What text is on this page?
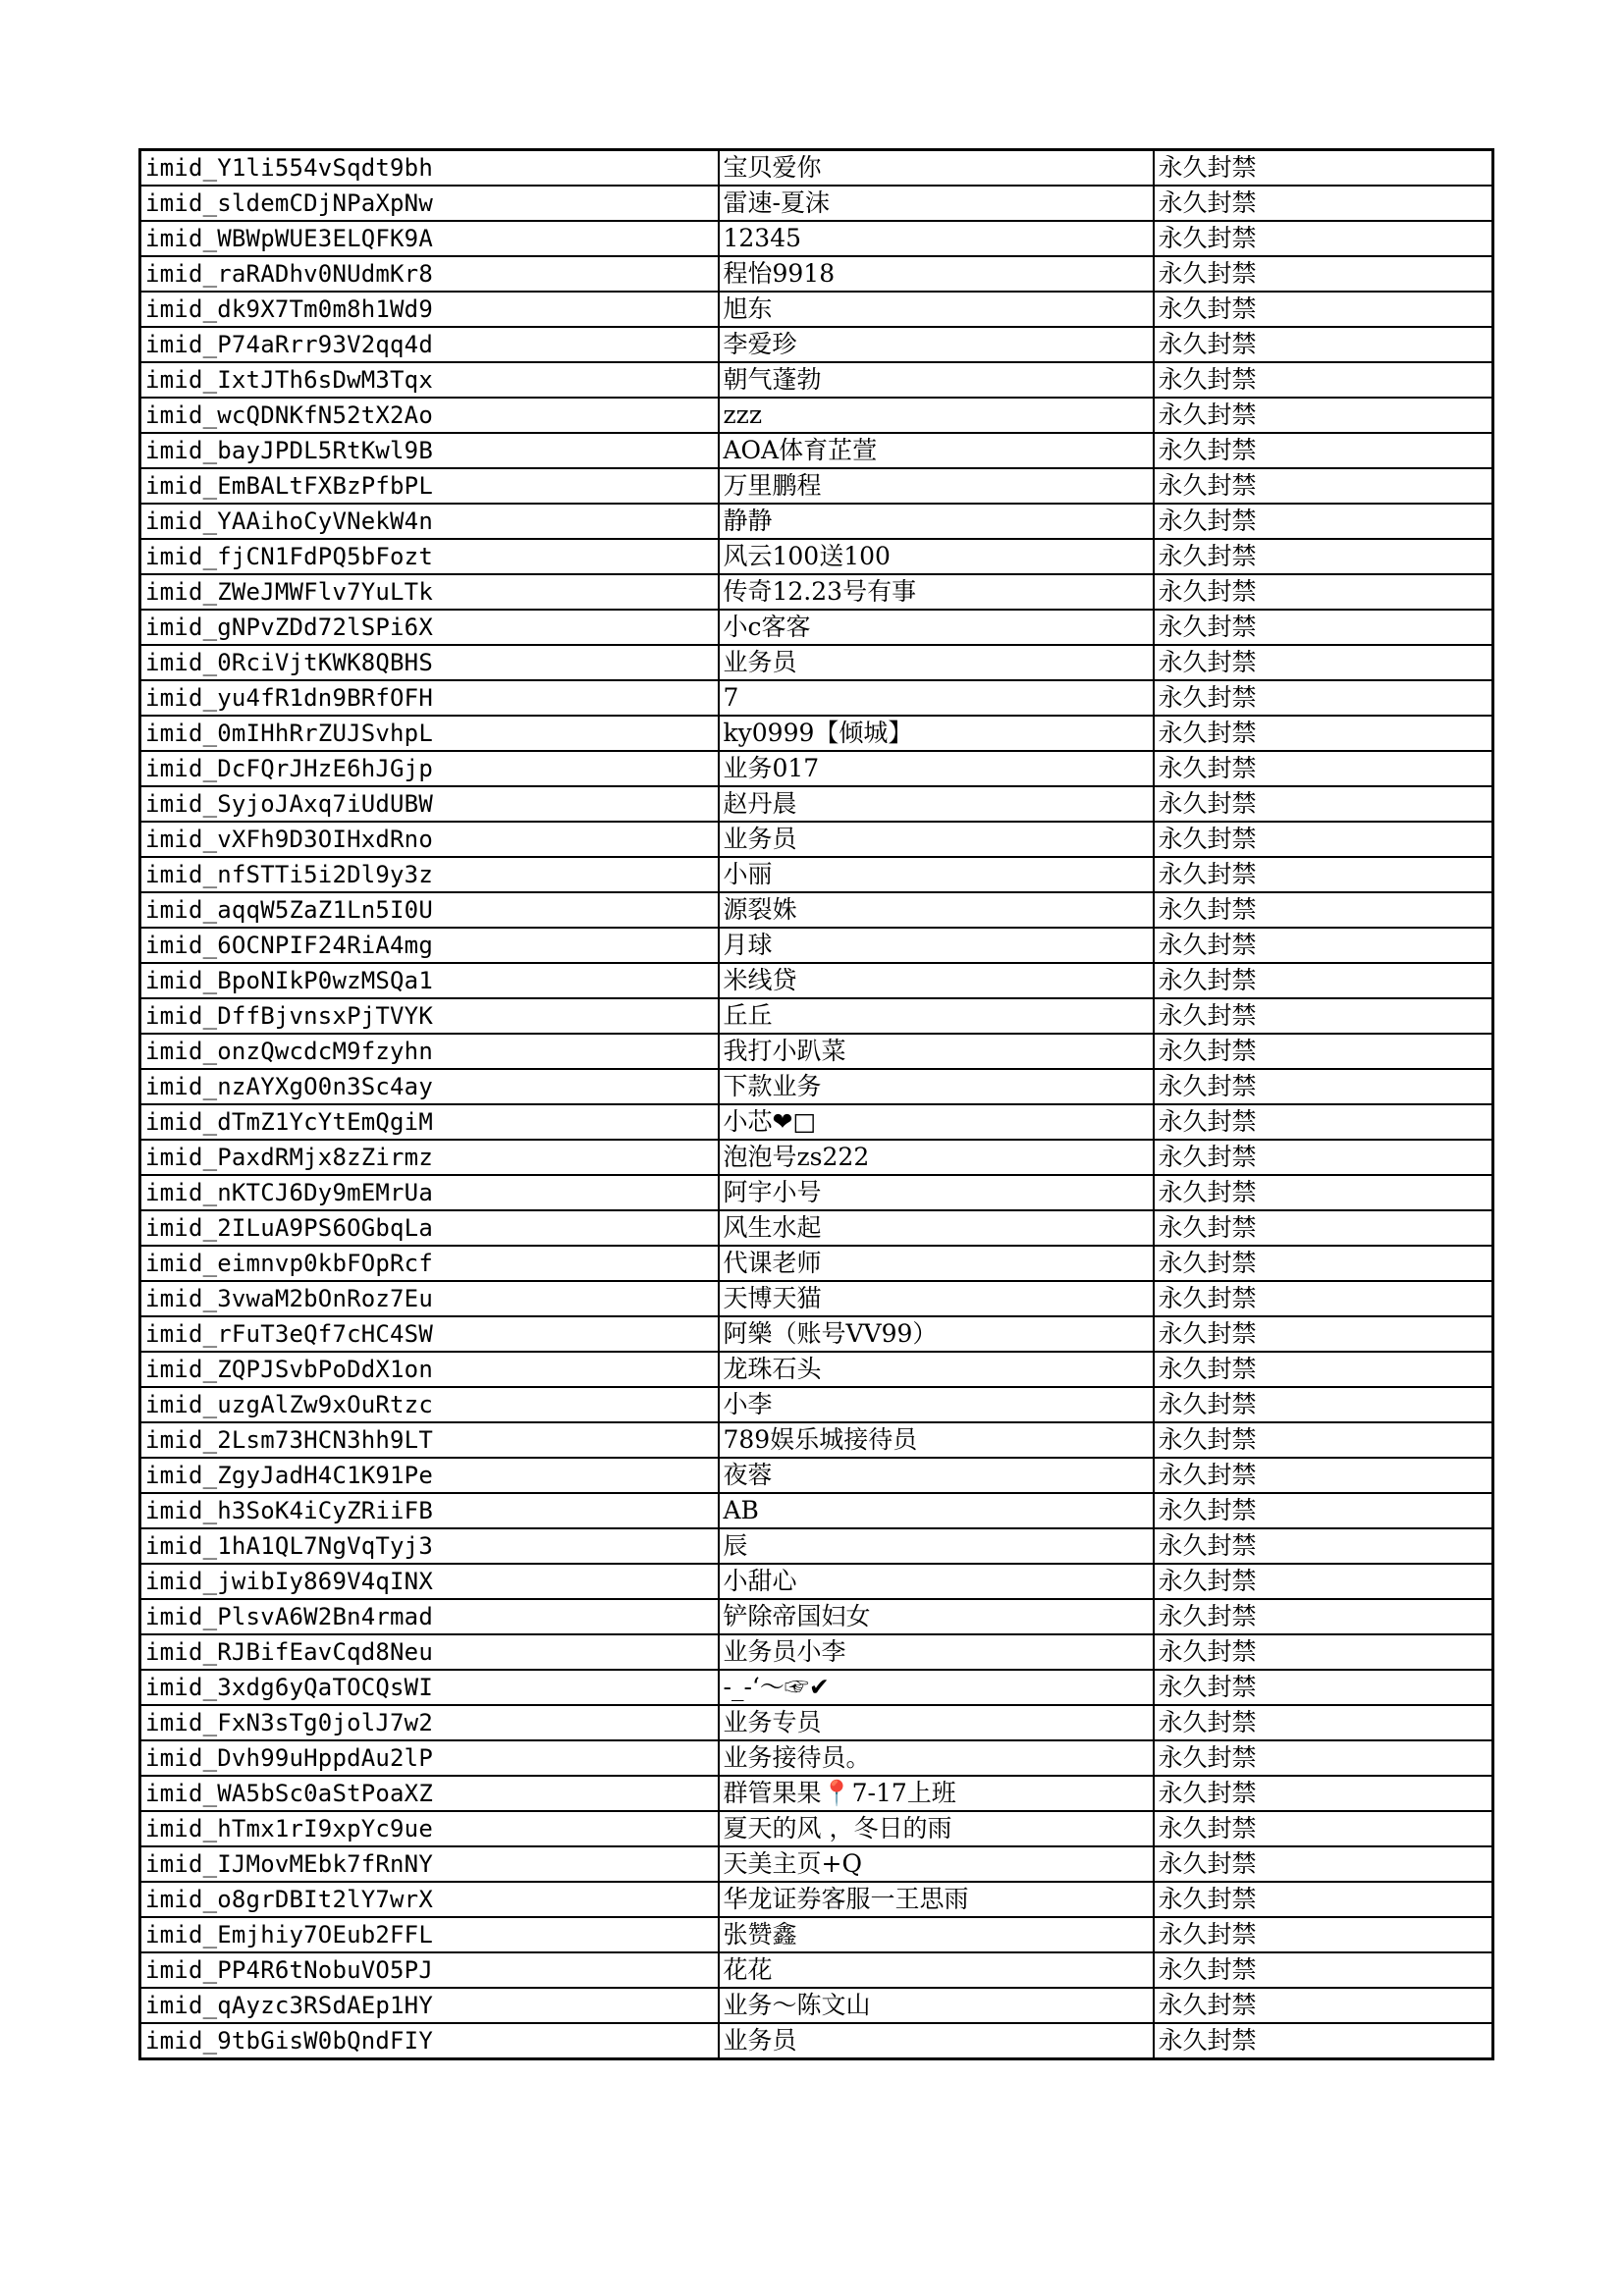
imid_Y1li554vSqdt9bh	宝贝爱你	永久封禁
imid_sldemCDjNPaXpNw	雷速-夏沫	永久封禁
imid_WBWpWUE3ELQFK9A	12345	永久封禁
imid_raRADhv0NUdmKr8	程怡9918	永久封禁
imid_dk9X7Tm0m8h1Wd9	旭东	永久封禁
imid_P74aRrr93V2qq4d	李爱珍	永久封禁
imid_IxtJTh6sDwM3Tqx	朝气蓬勃	永久封禁
imid_wcQDNKfN52tX2Ao	zzz	永久封禁
imid_bayJPDL5RtKwl9B	AOA体育芷萱	永久封禁
imid_EmBALtFXBzPfbPL	万里鹏程	永久封禁
imid_YAAihoCyVNekW4n	静静	永久封禁
imid_fjCN1FdPQ5bFozt	风云100送100	永久封禁
imid_ZWeJMWFlv7YuLTk	传奇12.23号有事	永久封禁
imid_gNPvZDd72lSPi6X	小c客客	永久封禁
imid_0RciVjtKWK8QBHS	业务员	永久封禁
imid_yu4fR1dn9BRfOFH	7	永久封禁
imid_0mIHhRrZUJSvhpL	ky0999【倾城】	永久封禁
imid_DcFQrJHzE6hJGjp	业务017	永久封禁
imid_SyjoJAxq7iUdUBW	赵丹晨	永久封禁
imid_vXFh9D3OIHxdRno	业务员	永久封禁
imid_nfSTTi5i2Dl9y3z	小丽	永久封禁
imid_aqqW5ZaZ1Ln5I0U	源裂姝	永久封禁
imid_6OCNPIF24RiA4mg	月球	永久封禁
imid_BpoNIkP0wzMSQa1	米线贷	永久封禁
imid_DffBjvnsxPjTVYK	丘丘	永久封禁
imid_onzQwcdcM9fzyhn	我打小趴菜	永久封禁
imid_nzAYXgO0n3Sc4ay	下款业务	永久封禁
imid_dTmZ1YcYtEmQgiM	小芯❤□	永久封禁
imid_PaxdRMjx8zZirmz	泡泡号zs222	永久封禁
imid_nKTCJ6Dy9mEMrUa	阿宇小号	永久封禁
imid_2ILuA9PS6OGbqLa	风生水起	永久封禁
imid_eimnvp0kbFOpRcf	代课老师	永久封禁
imid_3vwaM2bOnRoz7Eu	天博天猫	永久封禁
imid_rFuT3eQf7cHC4SW	阿樂（账号VV99）	永久封禁
imid_ZQPJSvbPoDdX1on	龙珠石头	永久封禁
imid_uzgAlZw9xOuRtzc	小李	永久封禁
imid_2Lsm73HCN3hh9LT	789娱乐城接待员	永久封禁
imid_ZgyJadH4C1K91Pe	夜蓉	永久封禁
imid_h3SoK4iCyZRiiFB	AB	永久封禁
imid_1hA1QL7NgVqTyj3	辰	永久封禁
imid_jwibIy869V4qINX	小甜心	永久封禁
imid_PlsvA6W2Bn4rmad	铲除帝国妇女	永久封禁
imid_RJBifEavCqd8Neu	业务员小李	永久封禁
imid_3xdg6yQaTOCQsWI	-_-‘～☞✔	永久封禁
imid_FxN3sTg0jolJ7w2	业务专员	永久封禁
imid_Dvh99uHppdAu2lP	业务接待员。	永久封禁
imid_WA5bSc0aStPoaXZ	群管果果📍7-17上班	永久封禁
imid_hTmx1rI9xpYc9ue	夏天的风 ，冬日的雨	永久封禁
imid_IJMovMEbk7fRnNY	天美主页+Q	永久封禁
imid_o8grDBIt2lY7wrX	华龙证券客服一王思雨	永久封禁
imid_Emjhiy7OEub2FFL	张赞鑫	永久封禁
imid_PP4R6tNobuVO5PJ	花花	永久封禁
imid_qAyzc3RSdAEp1HY	业务～陈文山	永久封禁
imid_9tbGisW0bQndFIY	业务员	永久封禁
